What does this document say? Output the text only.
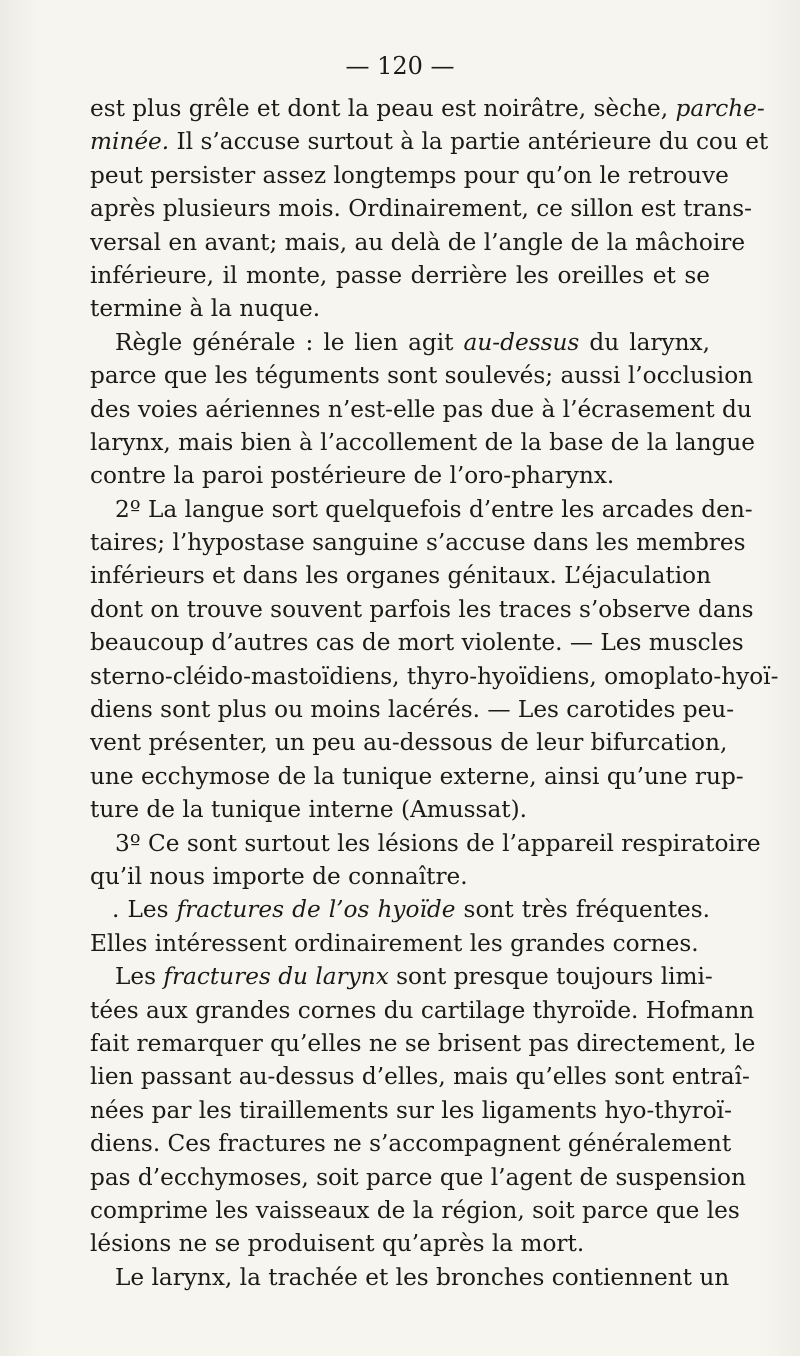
— 120 —
est plus grêle et dont la peau est noirâtre, sèche, parche-
minée. Il s’accuse surtout à la partie antérieure du cou et
peut persister assez longtemps pour qu’on le retrouve
après plusieurs mois. Ordinairement, ce sillon est trans-
versal en avant; mais, au delà de l’angle de la mâchoire
inférieure, il monte, passe derrière les oreilles et se
termine à la nuque.
Règle générale : le lien agit au-dessus du larynx,
parce que les téguments sont soulevés; aussi l’occlusion
des voies aériennes n’est-elle pas due à l’écrasement du
larynx, mais bien à l’accollement de la base de la langue
contre la paroi postérieure de l’oro-pharynx.
2º La langue sort quelquefois d’entre les arcades den-
taires; l’hypostase sanguine s’accuse dans les membres
inférieurs et dans les organes génitaux. L’éjaculation
dont on trouve souvent parfois les traces s’observe dans
beaucoup d’autres cas de mort violente. — Les muscles
sterno-cléido-mastoïdiens, thyro-hyoïdiens, omoplato-hyoï-
diens sont plus ou moins lacérés. — Les carotides peu-
vent présenter, un peu au-dessous de leur bifurcation,
une ecchymose de la tunique externe, ainsi qu’une rup-
ture de la tunique interne (Amussat).
3º Ce sont surtout les lésions de l’appareil respiratoire
qu’il nous importe de connaître.
. Les fractures de l’os hyoïde sont très fréquentes.
Elles intéressent ordinairement les grandes cornes.
Les fractures du larynx sont presque toujours limi-
tées aux grandes cornes du cartilage thyroïde. Hofmann
fait remarquer qu’elles ne se brisent pas directement, le
lien passant au-dessus d’elles, mais qu’elles sont entraî-
nées par les tiraillements sur les ligaments hyo-thyroï-
diens. Ces fractures ne s’accompagnent généralement
pas d’ecchymoses, soit parce que l’agent de suspension
comprime les vaisseaux de la région, soit parce que les
lésions ne se produisent qu’après la mort.
Le larynx, la trachée et les bronches contiennent un
